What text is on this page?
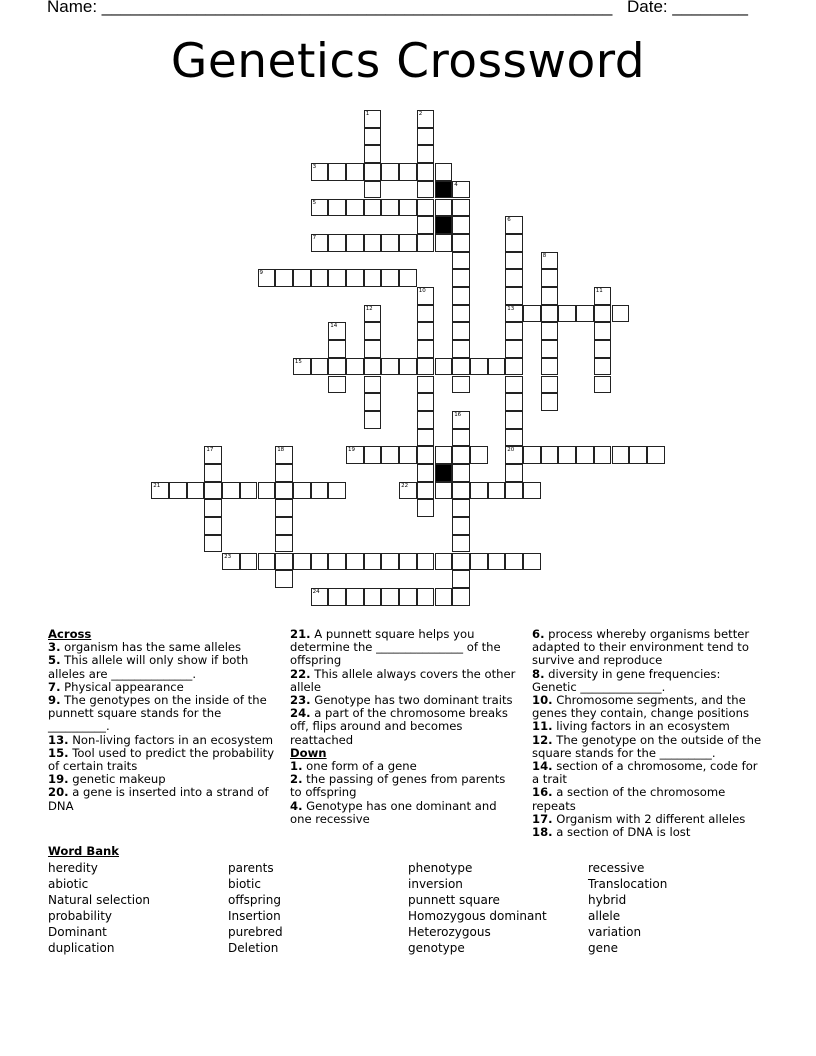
Name: ______________________________________________________ Date: ________
Genetics Crossword
1	2
3
4
5
6
13
20
7
8
9
10	11
12
14
15
16
17	18	19
21	22
23
24
Across
3. organism has the same alleles
5. This allele will only show if both alleles are ______________.
7. Physical appearance
9. The genotypes on the inside of the punnett square stands for the __________.
13. Non-living factors in an ecosystem
15. Tool used to predict the probability of certain traits
19. genetic makeup
20. a gene is inserted into a strand of DNA
21. A punnett square helps you determine the _______________ of the offspring
22. This allele always covers the other allele
23. Genotype has two dominant traits
24. a part of the chromosome breaks off, flips around and becomes reattached
Down
1. one form of a gene
2. the passing of genes from parents to offspring
4. Genotype has one dominant and one recessive
6. process whereby organisms better adapted to their environment tend to survive and reproduce
8. diversity in gene frequencies: Genetic ______________.
10. Chromosome segments, and the genes they contain, change positions
11. living factors in an ecosystem
12. The genotype on the outside of the square stands for the _________.
14. section of a chromosome, code for a trait
16. a section of the chromosome repeats
17. Organism with 2 different alleles
18. a section of DNA is lost
Word Bank
heredity
abiotic
Natural selection
probability
Dominant
duplication
parents
biotic
offspring
Insertion
purebred
Deletion
phenotype
inversion
punnett square
Homozygous dominant
Heterozygous
genotype
recessive
Translocation
hybrid
allele
variation
gene
